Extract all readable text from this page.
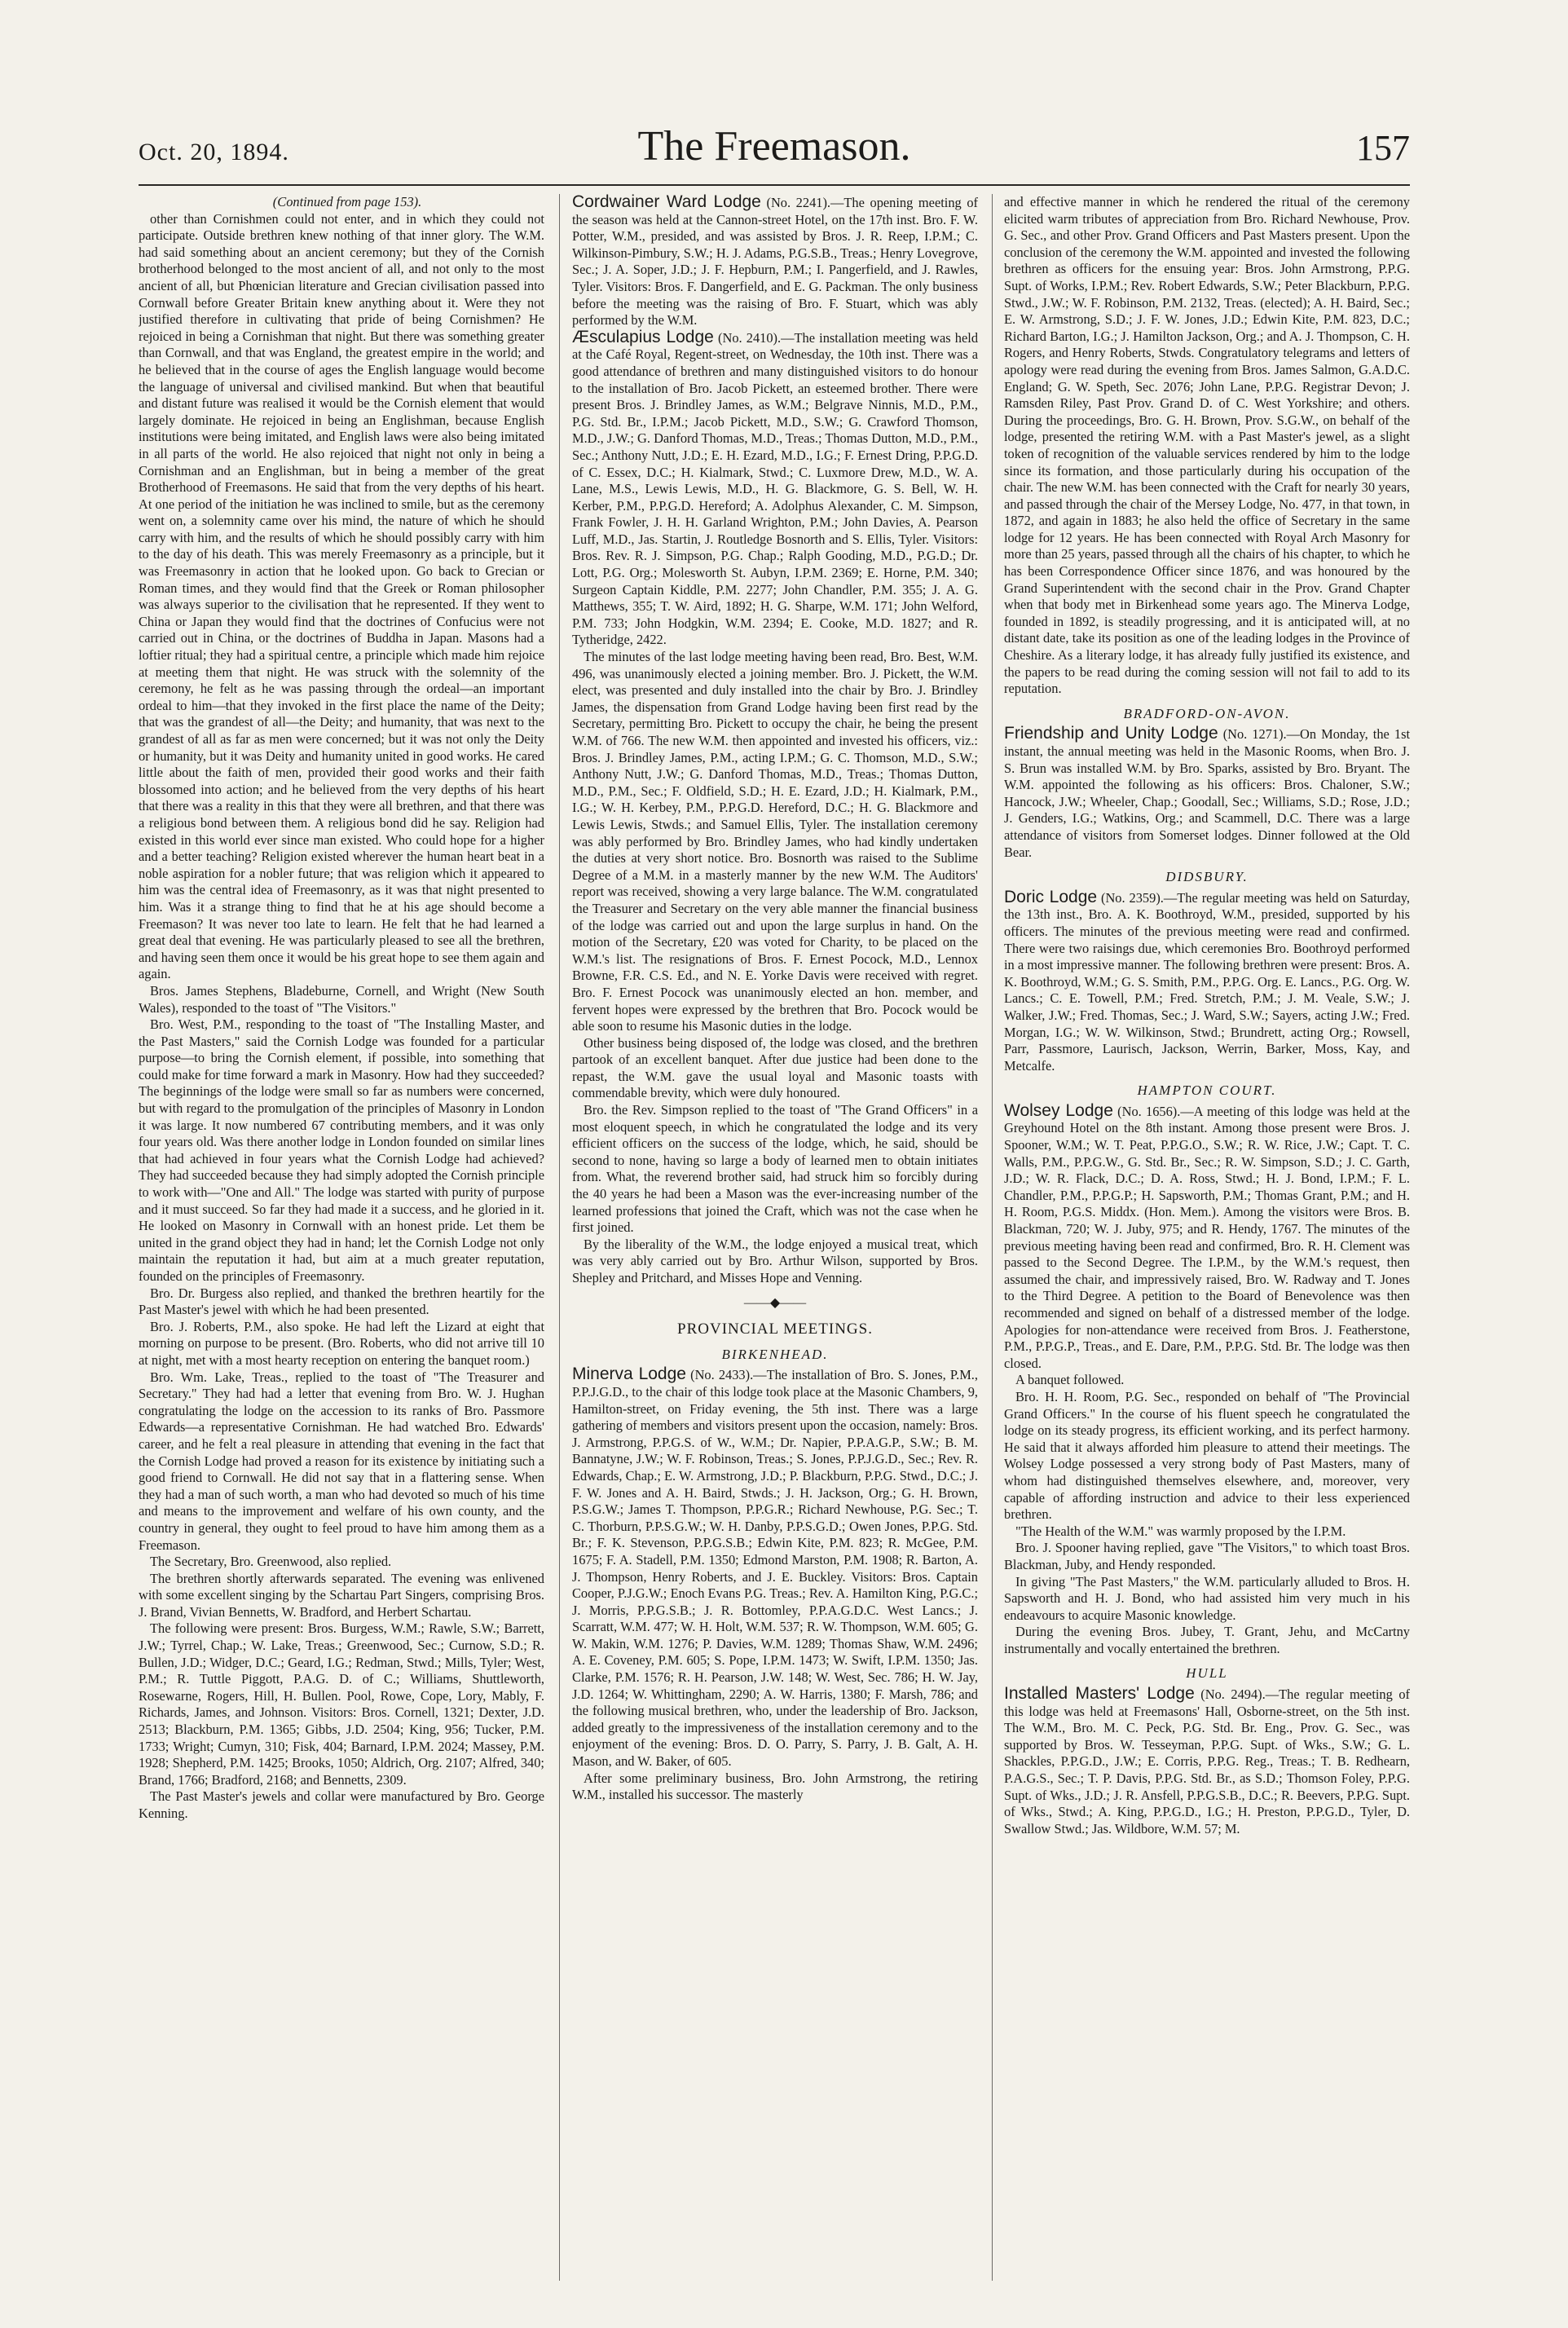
Oct. 20, 1894.	The Freemason.	157

(Continued from page 153).

other than Cornishmen could not enter, and in which they could not participate. Outside brethren knew nothing of that inner glory. The W.M. had said something about an ancient ceremony; but they of the Cornish brotherhood belonged to the most ancient of all, and not only to the most ancient of all, but Phœnician literature and Grecian civilisation passed into Cornwall before Greater Britain knew anything about it. Were they not justified therefore in cultivating that pride of being Cornishmen? He rejoiced in being a Cornishman that night. But there was something greater than Cornwall, and that was England, the greatest empire in the world; and he believed that in the course of ages the English language would become the language of universal and civilised mankind. But when that beautiful and distant future was realised it would be the Cornish element that would largely dominate. He rejoiced in being an Englishman, because English institutions were being imitated, and English laws were also being imitated in all parts of the world. He also rejoiced that night not only in being a Cornishman and an Englishman, but in being a member of the great Brotherhood of Freemasons. He said that from the very depths of his heart. At one period of the initiation he was inclined to smile, but as the ceremony went on, a solemnity came over his mind, the nature of which he should carry with him, and the results of which he should possibly carry with him to the day of his death. This was merely Freemasonry as a principle, but it was Freemasonry in action that he looked upon. Go back to Grecian or Roman times, and they would find that the Greek or Roman philosopher was always superior to the civilisation that he represented. If they went to China or Japan they would find that the doctrines of Confucius were not carried out in China, or the doctrines of Buddha in Japan. Masons had a loftier ritual; they had a spiritual centre, a principle which made him rejoice at meeting them that night. He was struck with the solemnity of the ceremony, he felt as he was passing through the ordeal—an important ordeal to him—that they invoked in the first place the name of the Deity; that was the grandest of all—the Deity; and humanity, that was next to the grandest of all as far as men were concerned; but it was not only the Deity or humanity, but it was Deity and humanity united in good works. He cared little about the faith of men, provided their good works and their faith blossomed into action; and he believed from the very depths of his heart that there was a reality in this that they were all brethren, and that there was a religious bond between them. A religious bond did he say. Religion had existed in this world ever since man existed. Who could hope for a higher and a better teaching? Religion existed wherever the human heart beat in a noble aspiration for a nobler future; that was religion which it appeared to him was the central idea of Freemasonry, as it was that night presented to him. Was it a strange thing to find that he at his age should become a Freemason? It was never too late to learn. He felt that he had learned a great deal that evening. He was particularly pleased to see all the brethren, and having seen them once it would be his great hope to see them again and again.

Bros. James Stephens, Bladeburne, Cornell, and Wright (New South Wales), responded to the toast of "The Visitors."

Bro. West, P.M., responding to the toast of "The Installing Master, and the Past Masters," said the Cornish Lodge was founded for a particular purpose—to bring the Cornish element, if possible, into something that could make for time forward a mark in Masonry. How had they succeeded? The beginnings of the lodge were small so far as numbers were concerned, but with regard to the promulgation of the principles of Masonry in London it was large. It now numbered 67 contributing members, and it was only four years old. Was there another lodge in London founded on similar lines that had achieved in four years what the Cornish Lodge had achieved? They had succeeded because they had simply adopted the Cornish principle to work with—"One and All." The lodge was started with purity of purpose and it must succeed. So far they had made it a success, and he gloried in it. He looked on Masonry in Cornwall with an honest pride. Let them be united in the grand object they had in hand; let the Cornish Lodge not only maintain the reputation it had, but aim at a much greater reputation, founded on the principles of Freemasonry.

Bro. Dr. Burgess also replied, and thanked the brethren heartily for the Past Master's jewel with which he had been presented.

Bro. J. Roberts, P.M., also spoke. He had left the Lizard at eight that morning on purpose to be present. (Bro. Roberts, who did not arrive till 10 at night, met with a most hearty reception on entering the banquet room.)

Bro. Wm. Lake, Treas., replied to the toast of "The Treasurer and Secretary." They had had a letter that evening from Bro. W. J. Hughan congratulating the lodge on the accession to its ranks of Bro. Passmore Edwards—a representative Cornishman. He had watched Bro. Edwards' career, and he felt a real pleasure in attending that evening in the fact that the Cornish Lodge had proved a reason for its existence by initiating such a good friend to Cornwall. He did not say that in a flattering sense. When they had a man of such worth, a man who had devoted so much of his time and means to the improvement and welfare of his own county, and the country in general, they ought to feel proud to have him among them as a Freemason.

The Secretary, Bro. Greenwood, also replied.

The brethren shortly afterwards separated. The evening was enlivened with some excellent singing by the Schartau Part Singers, comprising Bros. J. Brand, Vivian Bennetts, W. Bradford, and Herbert Schartau.

The following were present: Bros. Burgess, W.M.; Rawle, S.W.; Barrett, J.W.; Tyrrel, Chap.; W. Lake, Treas.; Greenwood, Sec.; Curnow, S.D.; R. Bullen, J.D.; Widger, D.C.; Geard, I.G.; Redman, Stwd.; Mills, Tyler; West, P.M.; R. Tuttle Piggott, P.A.G. D. of C.; Williams, Shuttleworth, Rosewarne, Rogers, Hill, H. Bullen. Pool, Rowe, Cope, Lory, Mably, F. Richards, James, and Johnson. Visitors: Bros. Cornell, 1321; Dexter, J.D. 2513; Blackburn, P.M. 1365; Gibbs, J.D. 2504; King, 956; Tucker, P.M. 1733; Wright; Cumyn, 310; Fisk, 404; Barnard, I.P.M. 2024; Massey, P.M. 1928; Shepherd, P.M. 1425; Brooks, 1050; Aldrich, Org. 2107; Alfred, 340; Brand, 1766; Bradford, 2168; and Bennetts, 2309.

The Past Master's jewels and collar were manufactured by Bro. George Kenning.

Cordwainer Ward Lodge (No. 2241).—The opening meeting of the season was held at the Cannon-street Hotel, on the 17th inst. Bro. F. W. Potter, W.M., presided, and was assisted by Bros. J. R. Reep, I.P.M.; C. Wilkinson-Pimbury, S.W.; H. J. Adams, P.G.S.B., Treas.; Henry Lovegrove, Sec.; J. A. Soper, J.D.; J. F. Hepburn, P.M.; I. Pangerfield, and J. Rawles, Tyler. Visitors: Bros. F. Dangerfield, and E. G. Packman. The only business before the meeting was the raising of Bro. F. Stuart, which was ably performed by the W.M.

Æsculapius Lodge (No. 2410).—The installation meeting was held at the Café Royal, Regent-street, on Wednesday, the 10th inst. There was a good attendance of brethren and many distinguished visitors to do honour to the installation of Bro. Jacob Pickett, an esteemed brother. There were present Bros. J. Brindley James, as W.M.; Belgrave Ninnis, M.D., P.M., P.G. Std. Br., I.P.M.; Jacob Pickett, M.D., S.W.; G. Crawford Thomson, M.D., J.W.; G. Danford Thomas, M.D., Treas.; Thomas Dutton, M.D., P.M., Sec.; Anthony Nutt, J.D.; E. H. Ezard, M.D., I.G.; F. Ernest Dring, P.P.G.D. of C. Essex, D.C.; H. Kialmark, Stwd.; C. Luxmore Drew, M.D., W. A. Lane, M.S., Lewis Lewis, M.D., H. G. Blackmore, G. S. Bell, W. H. Kerber, P.M., P.P.G.D. Hereford; A. Adolphus Alexander, C. M. Simpson, Frank Fowler, J. H. H. Garland Wrighton, P.M.; John Davies, A. Pearson Luff, M.D., Jas. Startin, J. Routledge Bosnorth and S. Ellis, Tyler. Visitors: Bros. Rev. R. J. Simpson, P.G. Chap.; Ralph Gooding, M.D., P.G.D.; Dr. Lott, P.G. Org.; Molesworth St. Aubyn, I.P.M. 2369; E. Horne, P.M. 340; Surgeon Captain Kiddle, P.M. 2277; John Chandler, P.M. 355; J. A. G. Matthews, 355; T. W. Aird, 1892; H. G. Sharpe, W.M. 171; John Welford, P.M. 733; John Hodgkin, W.M. 2394; E. Cooke, M.D. 1827; and R. Tytheridge, 2422.

The minutes of the last lodge meeting having been read, Bro. Best, W.M. 496, was unanimously elected a joining member. Bro. J. Pickett, the W.M. elect, was presented and duly installed into the chair by Bro. J. Brindley James, the dispensation from Grand Lodge having been first read by the Secretary, permitting Bro. Pickett to occupy the chair, he being the present W.M. of 766. The new W.M. then appointed and invested his officers, viz.: Bros. J. Brindley James, P.M., acting I.P.M.; G. C. Thomson, M.D., S.W.; Anthony Nutt, J.W.; G. Danford Thomas, M.D., Treas.; Thomas Dutton, M.D., P.M., Sec.; F. Oldfield, S.D.; H. E. Ezard, J.D.; H. Kialmark, P.M., I.G.; W. H. Kerbey, P.M., P.P.G.D. Hereford, D.C.; H. G. Blackmore and Lewis Lewis, Stwds.; and Samuel Ellis, Tyler. The installation ceremony was ably performed by Bro. Brindley James, who had kindly undertaken the duties at very short notice. Bro. Bosnorth was raised to the Sublime Degree of a M.M. in a masterly manner by the new W.M. The Auditors' report was received, showing a very large balance. The W.M. congratulated the Treasurer and Secretary on the very able manner the financial business of the lodge was carried out and upon the large surplus in hand. On the motion of the Secretary, £20 was voted for Charity, to be placed on the W.M.'s list. The resignations of Bros. F. Ernest Pocock, M.D., Lennox Browne, F.R. C.S. Ed., and N. E. Yorke Davis were received with regret. Bro. F. Ernest Pocock was unanimously elected an hon. member, and fervent hopes were expressed by the brethren that Bro. Pocock would be able soon to resume his Masonic duties in the lodge.

Other business being disposed of, the lodge was closed, and the brethren partook of an excellent banquet. After due justice had been done to the repast, the W.M. gave the usual loyal and Masonic toasts with commendable brevity, which were duly honoured.

Bro. the Rev. Simpson replied to the toast of "The Grand Officers" in a most eloquent speech, in which he congratulated the lodge and its very efficient officers on the success of the lodge, which, he said, should be second to none, having so large a body of learned men to obtain initiates from. What, the reverend brother said, had struck him so forcibly during the 40 years he had been a Mason was the ever-increasing number of the learned professions that joined the Craft, which was not the case when he first joined.

By the liberality of the W.M., the lodge enjoyed a musical treat, which was very ably carried out by Bro. Arthur Wilson, supported by Bros. Shepley and Pritchard, and Misses Hope and Venning.

——◆——
PROVINCIAL MEETINGS.
BIRKENHEAD.

Minerva Lodge (No. 2433).—The installation of Bro. S. Jones, P.M., P.P.J.G.D., to the chair of this lodge took place at the Masonic Chambers, 9, Hamilton-street, on Friday evening, the 5th inst. There was a large gathering of members and visitors present upon the occasion, namely: Bros. J. Armstrong, P.P.G.S. of W., W.M.; Dr. Napier, P.P.A.G.P., S.W.; B. M. Bannatyne, J.W.; W. F. Robinson, Treas.; S. Jones, P.P.J.G.D., Sec.; Rev. R. Edwards, Chap.; E. W. Armstrong, J.D.; P. Blackburn, P.P.G. Stwd., D.C.; J. F. W. Jones and A. H. Baird, Stwds.; J. H. Jackson, Org.; G. H. Brown, P.S.G.W.; James T. Thompson, P.P.G.R.; Richard Newhouse, P.G. Sec.; T. C. Thorburn, P.P.S.G.W.; W. H. Danby, P.P.S.G.D.; Owen Jones, P.P.G. Std. Br.; F. K. Stevenson, P.P.G.S.B.; Edwin Kite, P.M. 823; R. McGee, P.M. 1675; F. A. Stadell, P.M. 1350; Edmond Marston, P.M. 1908; R. Barton, A. J. Thompson, Henry Roberts, and J. E. Buckley. Visitors: Bros. Captain Cooper, P.J.G.W.; Enoch Evans P.G. Treas.; Rev. A. Hamilton King, P.G.C.; J. Morris, P.P.G.S.B.; J. R. Bottomley, P.P.A.G.D.C. West Lancs.; J. Scarratt, W.M. 477; W. H. Holt, W.M. 537; R. W. Thompson, W.M. 605; G. W. Makin, W.M. 1276; P. Davies, W.M. 1289; Thomas Shaw, W.M. 2496; A. E. Coveney, P.M. 605; S. Pope, I.P.M. 1473; W. Swift, I.P.M. 1350; Jas. Clarke, P.M. 1576; R. H. Pearson, J.W. 148; W. West, Sec. 786; H. W. Jay, J.D. 1264; W. Whittingham, 2290; A. W. Harris, 1380; F. Marsh, 786; and the following musical brethren, who, under the leadership of Bro. Jackson, added greatly to the impressiveness of the installation ceremony and to the enjoyment of the evening: Bros. D. O. Parry, S. Parry, J. B. Galt, A. H. Mason, and W. Baker, of 605.

After some preliminary business, Bro. John Armstrong, the retiring W.M., installed his successor. The masterly

and effective manner in which he rendered the ritual of the ceremony elicited warm tributes of appreciation from Bro. Richard Newhouse, Prov. G. Sec., and other Prov. Grand Officers and Past Masters present. Upon the conclusion of the ceremony the W.M. appointed and invested the following brethren as officers for the ensuing year: Bros. John Armstrong, P.P.G. Supt. of Works, I.P.M.; Rev. Robert Edwards, S.W.; Peter Blackburn, P.P.G. Stwd., J.W.; W. F. Robinson, P.M. 2132, Treas. (elected); A. H. Baird, Sec.; E. W. Armstrong, S.D.; J. F. W. Jones, J.D.; Edwin Kite, P.M. 823, D.C.; Richard Barton, I.G.; J. Hamilton Jackson, Org.; and A. J. Thompson, C. H. Rogers, and Henry Roberts, Stwds. Congratulatory telegrams and letters of apology were read during the evening from Bros. James Salmon, G.A.D.C. England; G. W. Speth, Sec. 2076; John Lane, P.P.G. Registrar Devon; J. Ramsden Riley, Past Prov. Grand D. of C. West Yorkshire; and others. During the proceedings, Bro. G. H. Brown, Prov. S.G.W., on behalf of the lodge, presented the retiring W.M. with a Past Master's jewel, as a slight token of recognition of the valuable services rendered by him to the lodge since its formation, and those particularly during his occupation of the chair. The new W.M. has been connected with the Craft for nearly 30 years, and passed through the chair of the Mersey Lodge, No. 477, in that town, in 1872, and again in 1883; he also held the office of Secretary in the same lodge for 12 years. He has been connected with Royal Arch Masonry for more than 25 years, passed through all the chairs of his chapter, to which he has been Correspondence Officer since 1876, and was honoured by the Grand Superintendent with the second chair in the Prov. Grand Chapter when that body met in Birkenhead some years ago. The Minerva Lodge, founded in 1892, is steadily progressing, and it is anticipated will, at no distant date, take its position as one of the leading lodges in the Province of Cheshire. As a literary lodge, it has already fully justified its existence, and the papers to be read during the coming session will not fail to add to its reputation.

BRADFORD-ON-AVON.

Friendship and Unity Lodge (No. 1271).—On Monday, the 1st instant, the annual meeting was held in the Masonic Rooms, when Bro. J. S. Brun was installed W.M. by Bro. Sparks, assisted by Bro. Bryant. The W.M. appointed the following as his officers: Bros. Chaloner, S.W.; Hancock, J.W.; Wheeler, Chap.; Goodall, Sec.; Williams, S.D.; Rose, J.D.; J. Genders, I.G.; Watkins, Org.; and Scammell, D.C. There was a large attendance of visitors from Somerset lodges. Dinner followed at the Old Bear.

DIDSBURY.

Doric Lodge (No. 2359).—The regular meeting was held on Saturday, the 13th inst., Bro. A. K. Boothroyd, W.M., presided, supported by his officers. The minutes of the previous meeting were read and confirmed. There were two raisings due, which ceremonies Bro. Boothroyd performed in a most impressive manner. The following brethren were present: Bros. A. K. Boothroyd, W.M.; G. S. Smith, P.M., P.P.G. Org. E. Lancs., P.G. Org. W. Lancs.; C. E. Towell, P.M.; Fred. Stretch, P.M.; J. M. Veale, S.W.; J. Walker, J.W.; Fred. Thomas, Sec.; J. Ward, S.W.; Sayers, acting J.W.; Fred. Morgan, I.G.; W. W. Wilkinson, Stwd.; Brundrett, acting Org.; Rowsell, Parr, Passmore, Laurisch, Jackson, Werrin, Barker, Moss, Kay, and Metcalfe.

HAMPTON COURT.

Wolsey Lodge (No. 1656).—A meeting of this lodge was held at the Greyhound Hotel on the 8th instant. Among those present were Bros. J. Spooner, W.M.; W. T. Peat, P.P.G.O., S.W.; R. W. Rice, J.W.; Capt. T. C. Walls, P.M., P.P.G.W., G. Std. Br., Sec.; R. W. Simpson, S.D.; J. C. Garth, J.D.; W. R. Flack, D.C.; D. A. Ross, Stwd.; H. J. Bond, I.P.M.; F. L. Chandler, P.M., P.P.G.P.; H. Sapsworth, P.M.; Thomas Grant, P.M.; and H. H. Room, P.G.S. Middx. (Hon. Mem.). Among the visitors were Bros. B. Blackman, 720; W. J. Juby, 975; and R. Hendy, 1767. The minutes of the previous meeting having been read and confirmed, Bro. R. H. Clement was passed to the Second Degree. The I.P.M., by the W.M.'s request, then assumed the chair, and impressively raised, Bro. W. Radway and T. Jones to the Third Degree. A petition to the Board of Benevolence was then recommended and signed on behalf of a distressed member of the lodge. Apologies for non-attendance were received from Bros. J. Featherstone, P.M., P.P.G.P., Treas., and E. Dare, P.M., P.P.G. Std. Br. The lodge was then closed.

A banquet followed.

Bro. H. H. Room, P.G. Sec., responded on behalf of "The Provincial Grand Officers." In the course of his fluent speech he congratulated the lodge on its steady progress, its efficient working, and its perfect harmony. He said that it always afforded him pleasure to attend their meetings. The Wolsey Lodge possessed a very strong body of Past Masters, many of whom had distinguished themselves elsewhere, and, moreover, very capable of affording instruction and advice to their less experienced brethren.

"The Health of the W.M." was warmly proposed by the I.P.M.

Bro. J. Spooner having replied, gave "The Visitors," to which toast Bros. Blackman, Juby, and Hendy responded.

In giving "The Past Masters," the W.M. particularly alluded to Bros. H. Sapsworth and H. J. Bond, who had assisted him very much in his endeavours to acquire Masonic knowledge.

During the evening Bros. Jubey, T. Grant, Jehu, and McCartny instrumentally and vocally entertained the brethren.

HULL

Installed Masters' Lodge (No. 2494).—The regular meeting of this lodge was held at Freemasons' Hall, Osborne-street, on the 5th inst. The W.M., Bro. M. C. Peck, P.G. Std. Br. Eng., Prov. G. Sec., was supported by Bros. W. Tesseyman, P.P.G. Supt. of Wks., S.W.; G. L. Shackles, P.P.G.D., J.W.; E. Corris, P.P.G. Reg., Treas.; T. B. Redhearn, P.A.G.S., Sec.; T. P. Davis, P.P.G. Std. Br., as S.D.; Thomson Foley, P.P.G. Supt. of Wks., J.D.; J. R. Ansfell, P.P.G.S.B., D.C.; R. Beevers, P.P.G. Supt. of Wks., Stwd.; A. King, P.P.G.D., I.G.; H. Preston, P.P.G.D., Tyler, D. Swallow Stwd.; Jas. Wildbore, W.M. 57; M.
